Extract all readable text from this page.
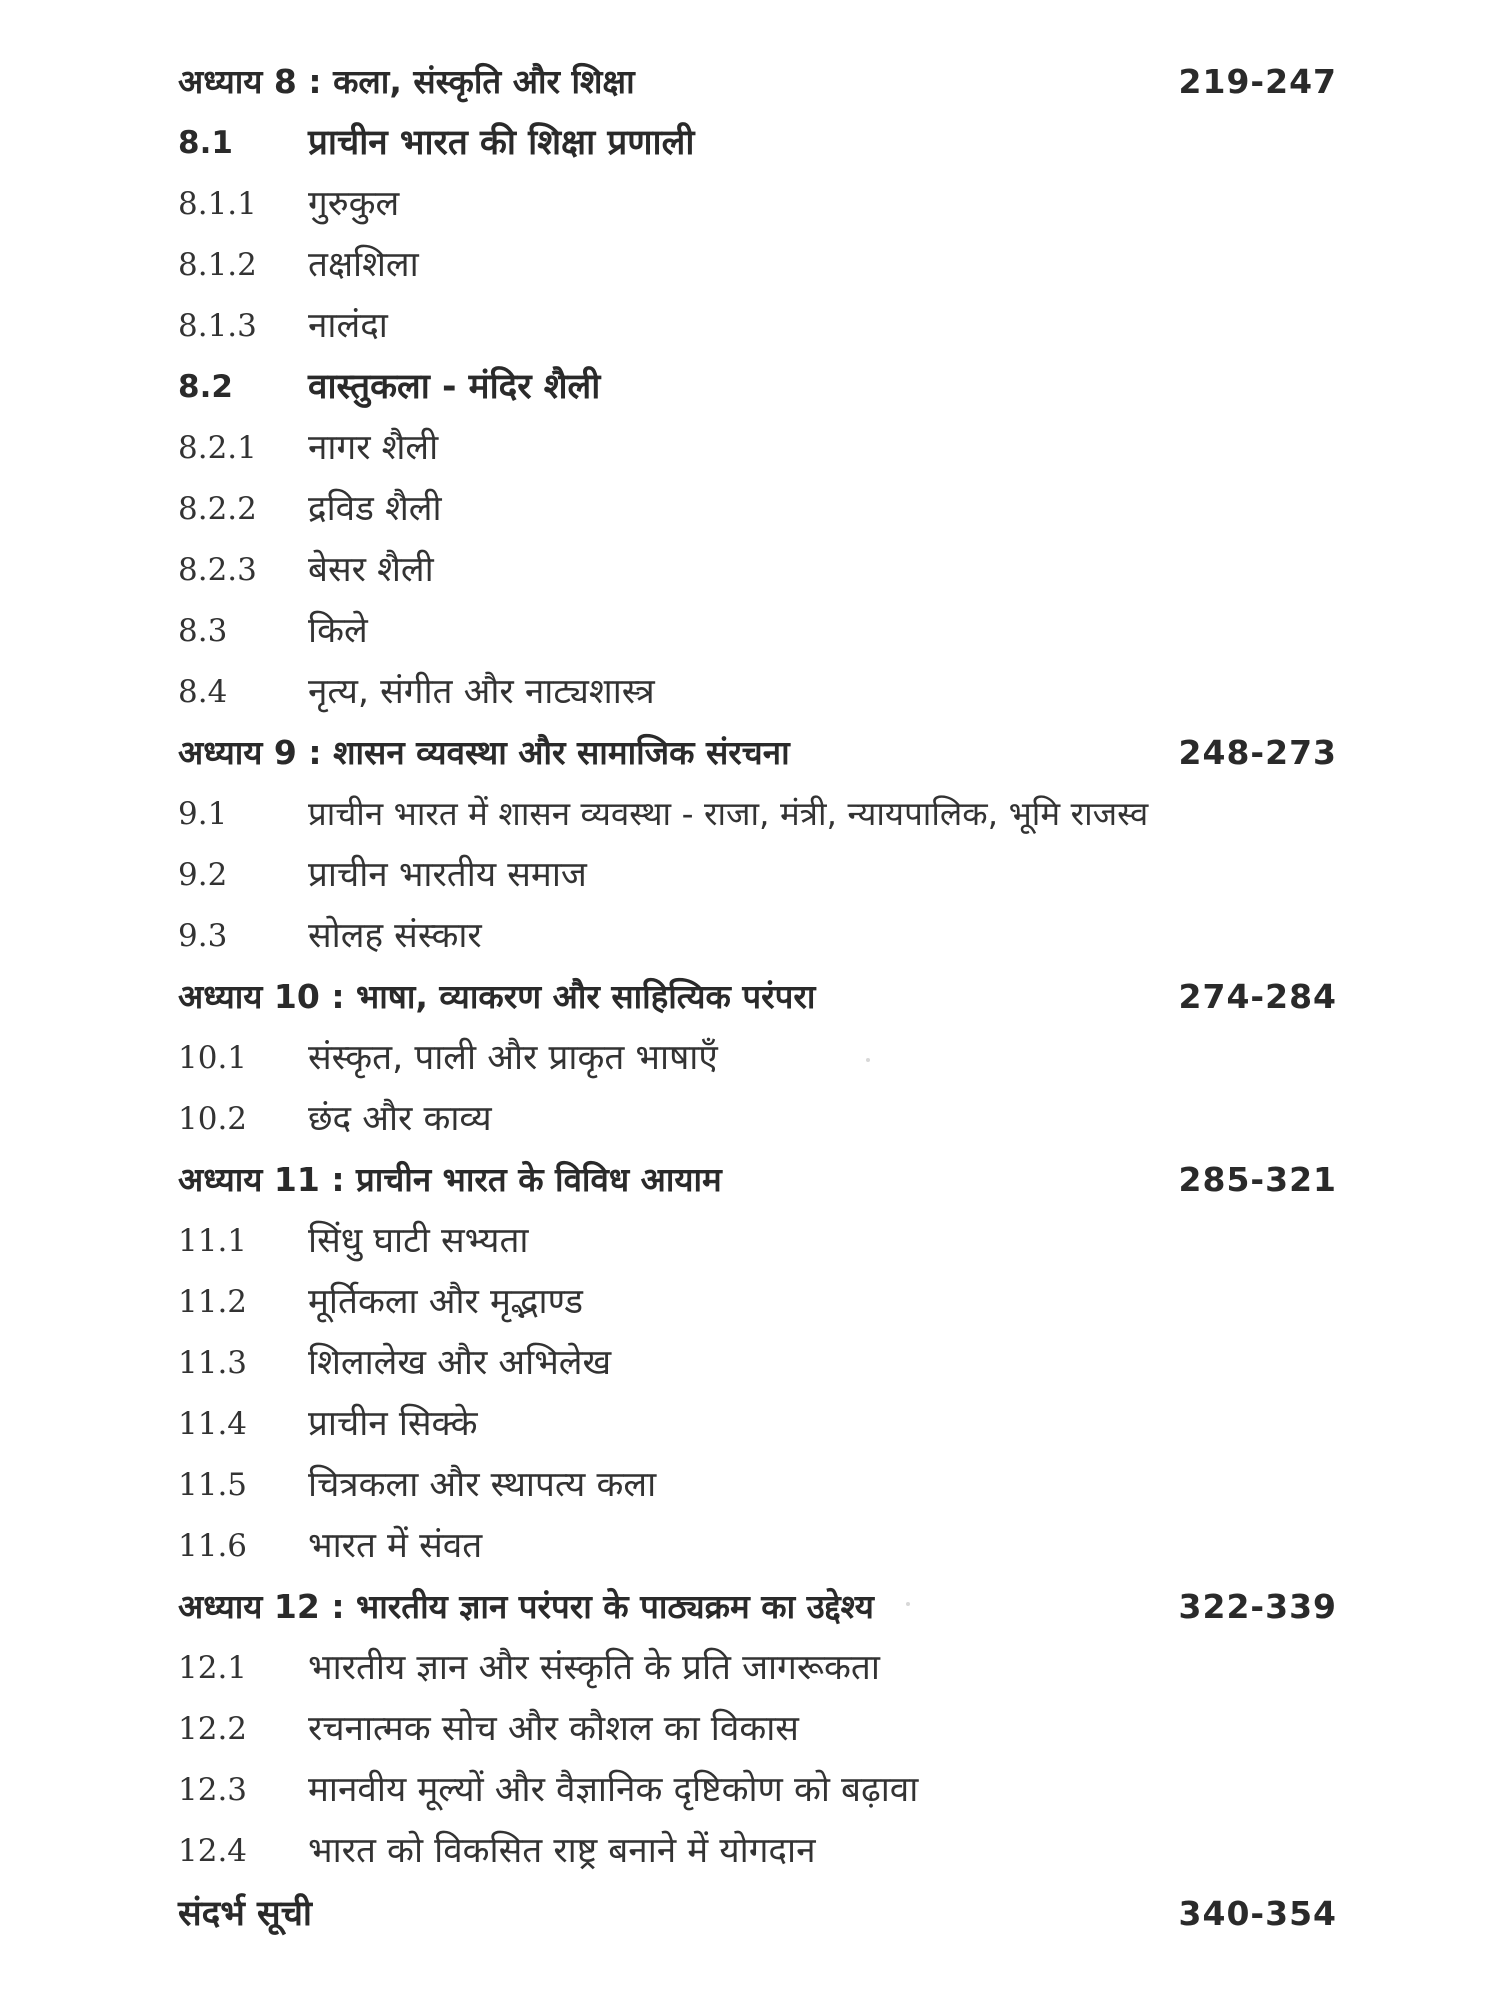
अध्याय 8 : कला, संस्कृति और शिक्षा	219-247
8.1 प्राचीन भारत की शिक्षा प्रणाली
8.1.1 गुरुकुल
8.1.2 तक्षशिला
8.1.3 नालंदा
8.2 वास्तुकला - मंदिर शैली
8.2.1 नागर शैली
8.2.2 द्रविड शैली
8.2.3 बेसर शैली
8.3 किले
8.4 नृत्य, संगीत और नाट्यशास्त्र
अध्याय 9 : शासन व्यवस्था और सामाजिक संरचना	248-273
9.1 प्राचीन भारत में शासन व्यवस्था - राजा, मंत्री, न्यायपालिक, भूमि राजस्व
9.2 प्राचीन भारतीय समाज
9.3 सोलह संस्कार
अध्याय 10 : भाषा, व्याकरण और साहित्यिक परंपरा	274-284
10.1 संस्कृत, पाली और प्राकृत भाषाएँ
10.2 छंद और काव्य
अध्याय 11 : प्राचीन भारत के विविध आयाम	285-321
11.1 सिंधु घाटी सभ्यता
11.2 मूर्तिकला और मृद्भाण्ड
11.3 शिलालेख और अभिलेख
11.4 प्राचीन सिक्के
11.5 चित्रकला और स्थापत्य कला
11.6 भारत में संवत
अध्याय 12 : भारतीय ज्ञान परंपरा के पाठ्यक्रम का उद्देश्य	322-339
12.1 भारतीय ज्ञान और संस्कृति के प्रति जागरूकता
12.2 रचनात्मक सोच और कौशल का विकास
12.3 मानवीय मूल्यों और वैज्ञानिक दृष्टिकोण को बढ़ावा
12.4 भारत को विकसित राष्ट्र बनाने में योगदान
संदर्भ सूची	340-354
